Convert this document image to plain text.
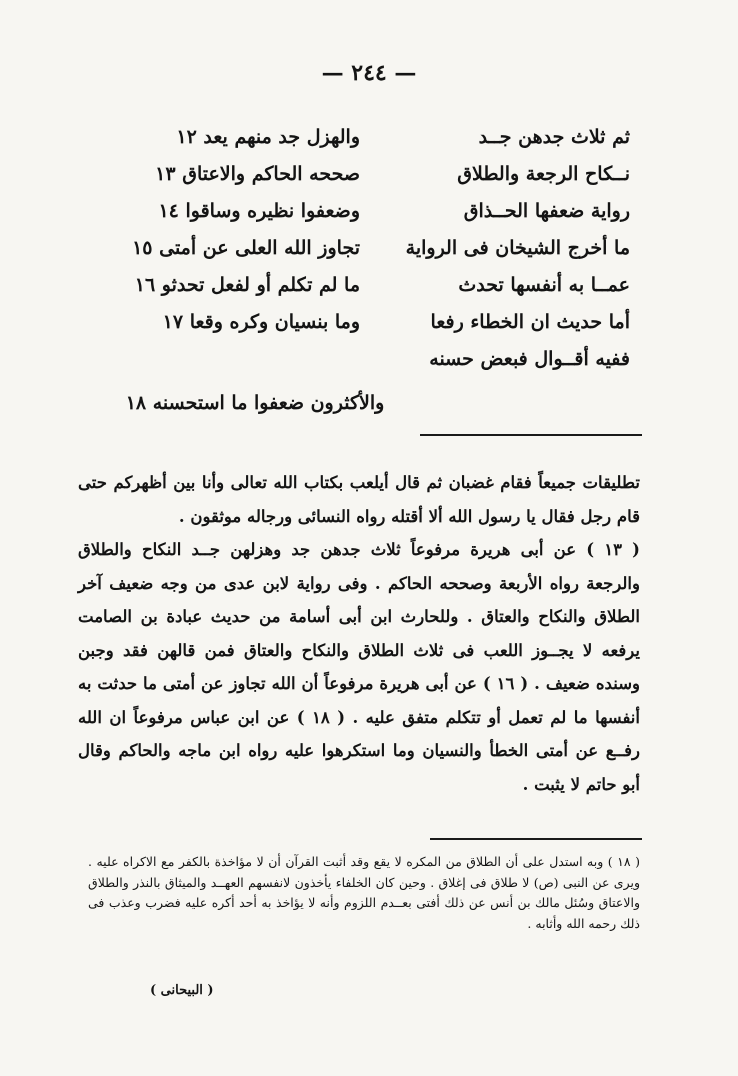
— ٢٤٤ —
ثم ثلاث جدهن جــد
والهزل جد منهم يعد ١٢
نــكاح الرجعة والطلاق
صححه الحاكم والاعتاق ١٣
رواية ضعفها الحــذاق
وضعفوا نظيره وساقوا ١٤
ما أخرج الشيخان فى الرواية
تجاوز الله العلى عن أمتى ١٥
عمــا به أنفسها تحدث
ما لم تكلم أو لفعل تحدثو ١٦
أما حديث ان الخطاء رفعا
وما بنسيان وكره وقعا ١٧
ففيه أقــوال فبعض حسنه
والأكثرون ضعفوا ما استحسنه ١٨

تطليقات جميعاً فقام غضبان ثم قال أيلعب بكتاب الله تعالى وأنا بين أظهركم حتى قام رجل فقال يا رسول الله ألا أقتله رواه النسائى ورجاله موثقون .

( ١٣ ) عن أبى هريرة مرفوعاً ثلاث جدهن جد وهزلهن جــد النكاح والطلاق والرجعة رواه الأربعة وصححه الحاكم . وفى رواية لابن عدى من وجه ضعيف آخر الطلاق والنكاح والعتاق . وللحارث ابن أبى أسامة من حديث عبادة بن الصامت يرفعه لا يجــوز اللعب فى ثلاث الطلاق والنكاح والعتاق فمن قالهن فقد وجبن وسنده ضعيف . ( ١٦ ) عن أبى هريرة مرفوعاً أن الله تجاوز عن أمتى ما حدثت به أنفسها ما لم تعمل أو تتكلم متفق عليه . ( ١٨ ) عن ابن عباس مرفوعاً ان الله رفــع عن أمتى الخطأ والنسيان وما استكرهوا عليه رواه ابن ماجه والحاكم وقال أبو حاتم لا يثبت .

( ١٨ ) وبه استدل على أن الطلاق من المكره لا يقع وقد أثبت القرآن أن لا مؤاخذة بالكفر مع الاكراه عليه . ويرى عن النبى (ص) لا طلاق فى إغلاق . وحين كان الخلفاء يأخذون لانفسهم العهــد والميثاق بالنذر والطلاق والاعتاق وسُئل مالك بن أنس عن ذلك أفتى بعــدم اللزوم وأنه لا يؤاخذ به أحد أكره عليه فضرب وعذب فى ذلك رحمه الله وأثابه .

( البيحانى )
